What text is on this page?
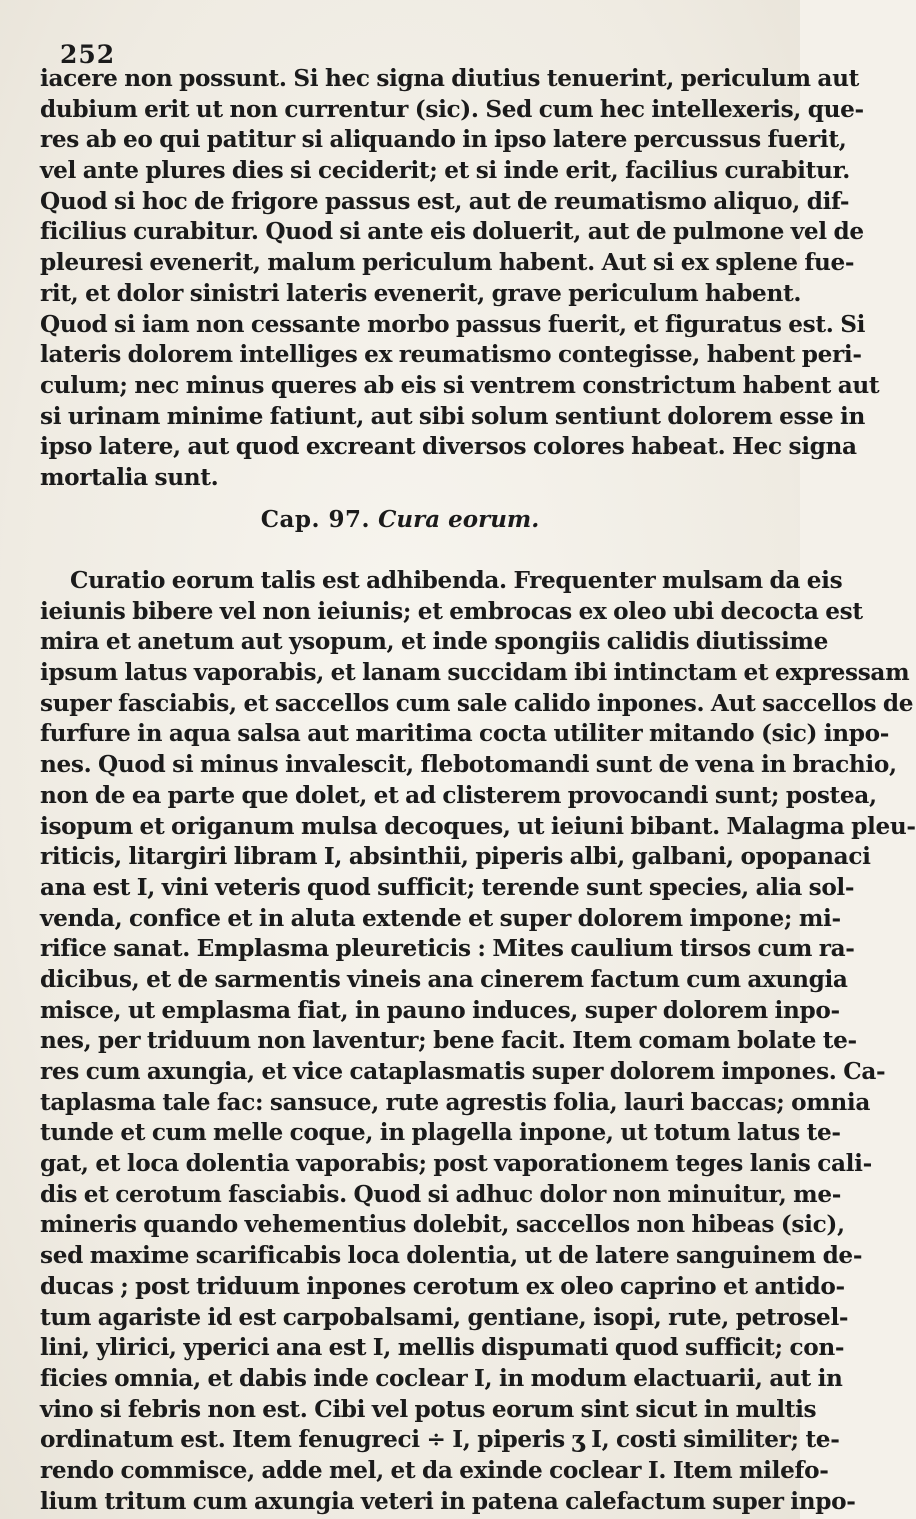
252
iacere non possunt. Si hec signa diutius tenuerint, periculum aut
dubium erit ut non currentur (sic). Sed cum hec intellexeris, que-
res ab eo qui patitur si aliquando in ipso latere percussus fuerit,
vel ante plures dies si ceciderit; et si inde erit, facilius curabitur.
Quod si hoc de frigore passus est, aut de reumatismo aliquo, dif-
ficilius curabitur. Quod si ante eis doluerit, aut de pulmone vel de
pleuresi evenerit, malum periculum habent. Aut si ex splene fue-
rit, et dolor sinistri lateris evenerit, grave periculum habent.
Quod si iam non cessante morbo passus fuerit, et figuratus est. Si
lateris dolorem intelliges ex reumatismo contegisse, habent peri-
culum; nec minus queres ab eis si ventrem constrictum habent aut
si urinam minime fatiunt, aut sibi solum sentiunt dolorem esse in
ipso latere, aut quod excreant diversos colores habeat. Hec signa
mortalia sunt.
Cap. 97. Cura eorum.
Curatio eorum talis est adhibenda. Frequenter mulsam da eis
ieiunis bibere vel non ieiunis; et embrocas ex oleo ubi decocta est
mira et anetum aut ysopum, et inde spongiis calidis diutissime
ipsum latus vaporabis, et lanam succidam ibi intinctam et expressam
super fasciabis, et saccellos cum sale calido inpones. Aut saccellos de
furfure in aqua salsa aut maritima cocta utiliter mitando (sic) inpo-
nes. Quod si minus invalescit, flebotomandi sunt de vena in brachio,
non de ea parte que dolet, et ad clisterem provocandi sunt; postea,
isopum et origanum mulsa decoques, ut ieiuni bibant. Malagma pleu-
riticis, litargiri libram I, absinthii, piperis albi, galbani, opopanaci
ana est I, vini veteris quod sufficit; terende sunt species, alia sol-
venda, confice et in aluta extende et super dolorem impone; mi-
rifice sanat. Emplasma pleureticis : Mites caulium tirsos cum ra-
dicibus, et de sarmentis vineis ana cinerem factum cum axungia
misce, ut emplasma fiat, in pauno induces, super dolorem inpo-
nes, per triduum non laventur; bene facit. Item comam bolate te-
res cum axungia, et vice cataplasmatis super dolorem impones. Ca-
taplasma tale fac: sansuce, rute agrestis folia, lauri baccas; omnia
tunde et cum melle coque, in plagella inpone, ut totum latus te-
gat, et loca dolentia vaporabis; post vaporationem teges lanis cali-
dis et cerotum fasciabis. Quod si adhuc dolor non minuitur, me-
mineris quando vehementius dolebit, saccellos non hibeas (sic),
sed maxime scarificabis loca dolentia, ut de latere sanguinem de-
ducas ; post triduum inpones cerotum ex oleo caprino et antido-
tum agariste id est carpobalsami, gentiane, isopi, rute, petrosel-
lini, ylirici, yperici ana est I, mellis dispumati quod sufficit; con-
ficies omnia, et dabis inde coclear I, in modum elactuarii, aut in
vino si febris non est. Cibi vel potus eorum sint sicut in multis
ordinatum est. Item fenugreci ÷ I, piperis ʒ I, costi similiter; te-
rendo commisce, adde mel, et da exinde coclear I. Item milefo-
lium tritum cum axungia veteri in patena calefactum super inpo-
